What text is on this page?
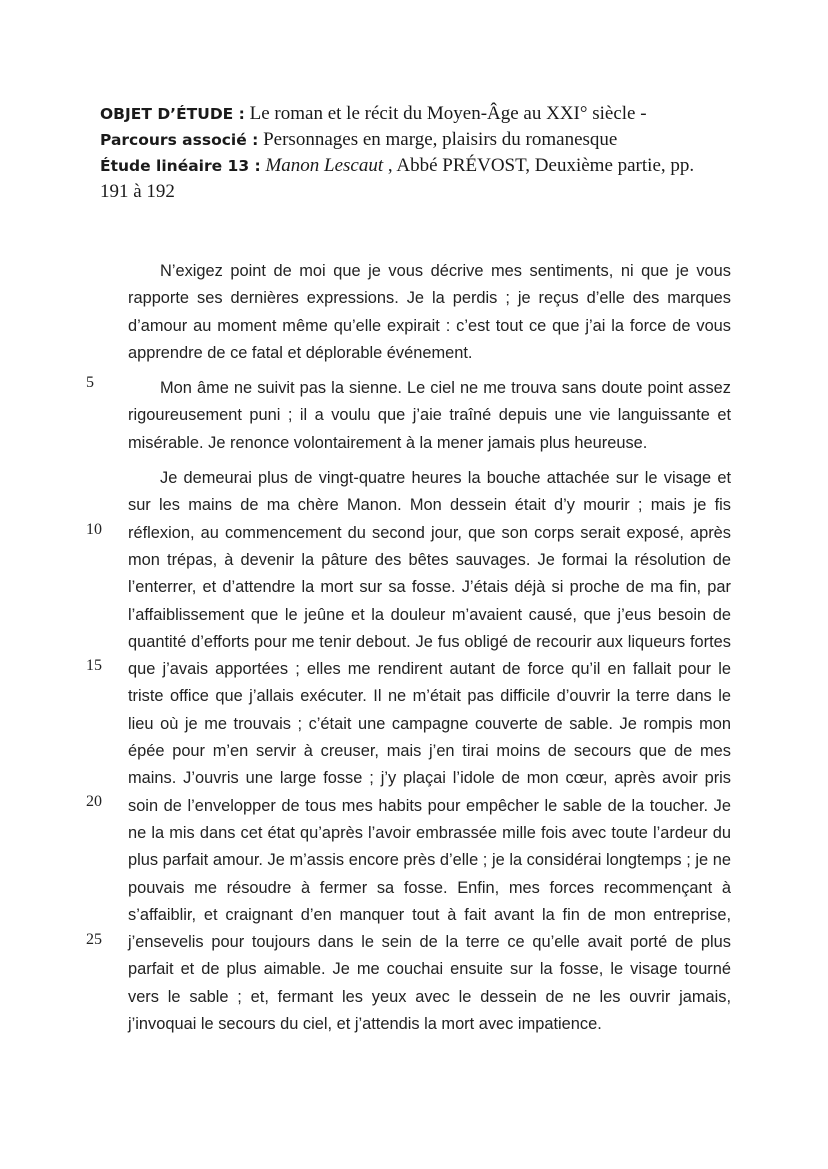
OBJET D’ÉTUDE : Le roman et le récit du Moyen-Âge au XXI° siècle -
Parcours associé : Personnages en marge, plaisirs du romanesque
Étude linéaire 13 : Manon Lescaut , Abbé PRÉVOST, Deuxième partie, pp.
191 à 192

N’exigez point de moi que je vous décrive mes sentiments, ni que je vous rapporte ses dernières expressions. Je la perdis ; je reçus d’elle des marques d’amour au moment même qu’elle expirait : c’est tout ce que j’ai la force de vous apprendre de ce fatal et déplorable événement.

Mon âme ne suivit pas la sienne. Le ciel ne me trouva sans doute point assez rigoureusement puni ; il a voulu que j’aie traîné depuis une vie languissante et misérable. Je renonce volontairement à la mener jamais plus heureuse.

Je demeurai plus de vingt-quatre heures la bouche attachée sur le visage et sur les mains de ma chère Manon. Mon dessein était d’y mourir ; mais je fis réflexion, au commencement du second jour, que son corps serait exposé, après mon trépas, à devenir la pâture des bêtes sauvages. Je formai la résolution de l’enterrer, et d’attendre la mort sur sa fosse. J’étais déjà si proche de ma fin, par l’affaiblissement que le jeûne et la douleur m’avaient causé, que j’eus besoin de quantité d’efforts pour me tenir debout. Je fus obligé de recourir aux liqueurs fortes que j’avais apportées ; elles me rendirent autant de force qu’il en fallait pour le triste office que j’allais exécuter. Il ne m’était pas difficile d’ouvrir la terre dans le lieu où je me trouvais ; c’était une campagne couverte de sable. Je rompis mon épée pour m’en servir à creuser, mais j’en tirai moins de secours que de mes mains. J’ouvris une large fosse ; j’y plaçai l’idole de mon cœur, après avoir pris soin de l’envelopper de tous mes habits pour empêcher le sable de la toucher. Je ne la mis dans cet état qu’après l’avoir embrassée mille fois avec toute l’ardeur du plus parfait amour. Je m’assis encore près d’elle ; je la considérai longtemps ; je ne pouvais me résoudre à fermer sa fosse. Enfin, mes forces recommençant à s’affaiblir, et craignant d’en manquer tout à fait avant la fin de mon entreprise, j’ensevelis pour toujours dans le sein de la terre ce qu’elle avait porté de plus parfait et de plus aimable. Je me couchai ensuite sur la fosse, le visage tourné vers le sable ; et, fermant les yeux avec le dessein de ne les ouvrir jamais, j’invoquai le secours du ciel, et j’attendis la mort avec impatience.

5
10
15
20
25
